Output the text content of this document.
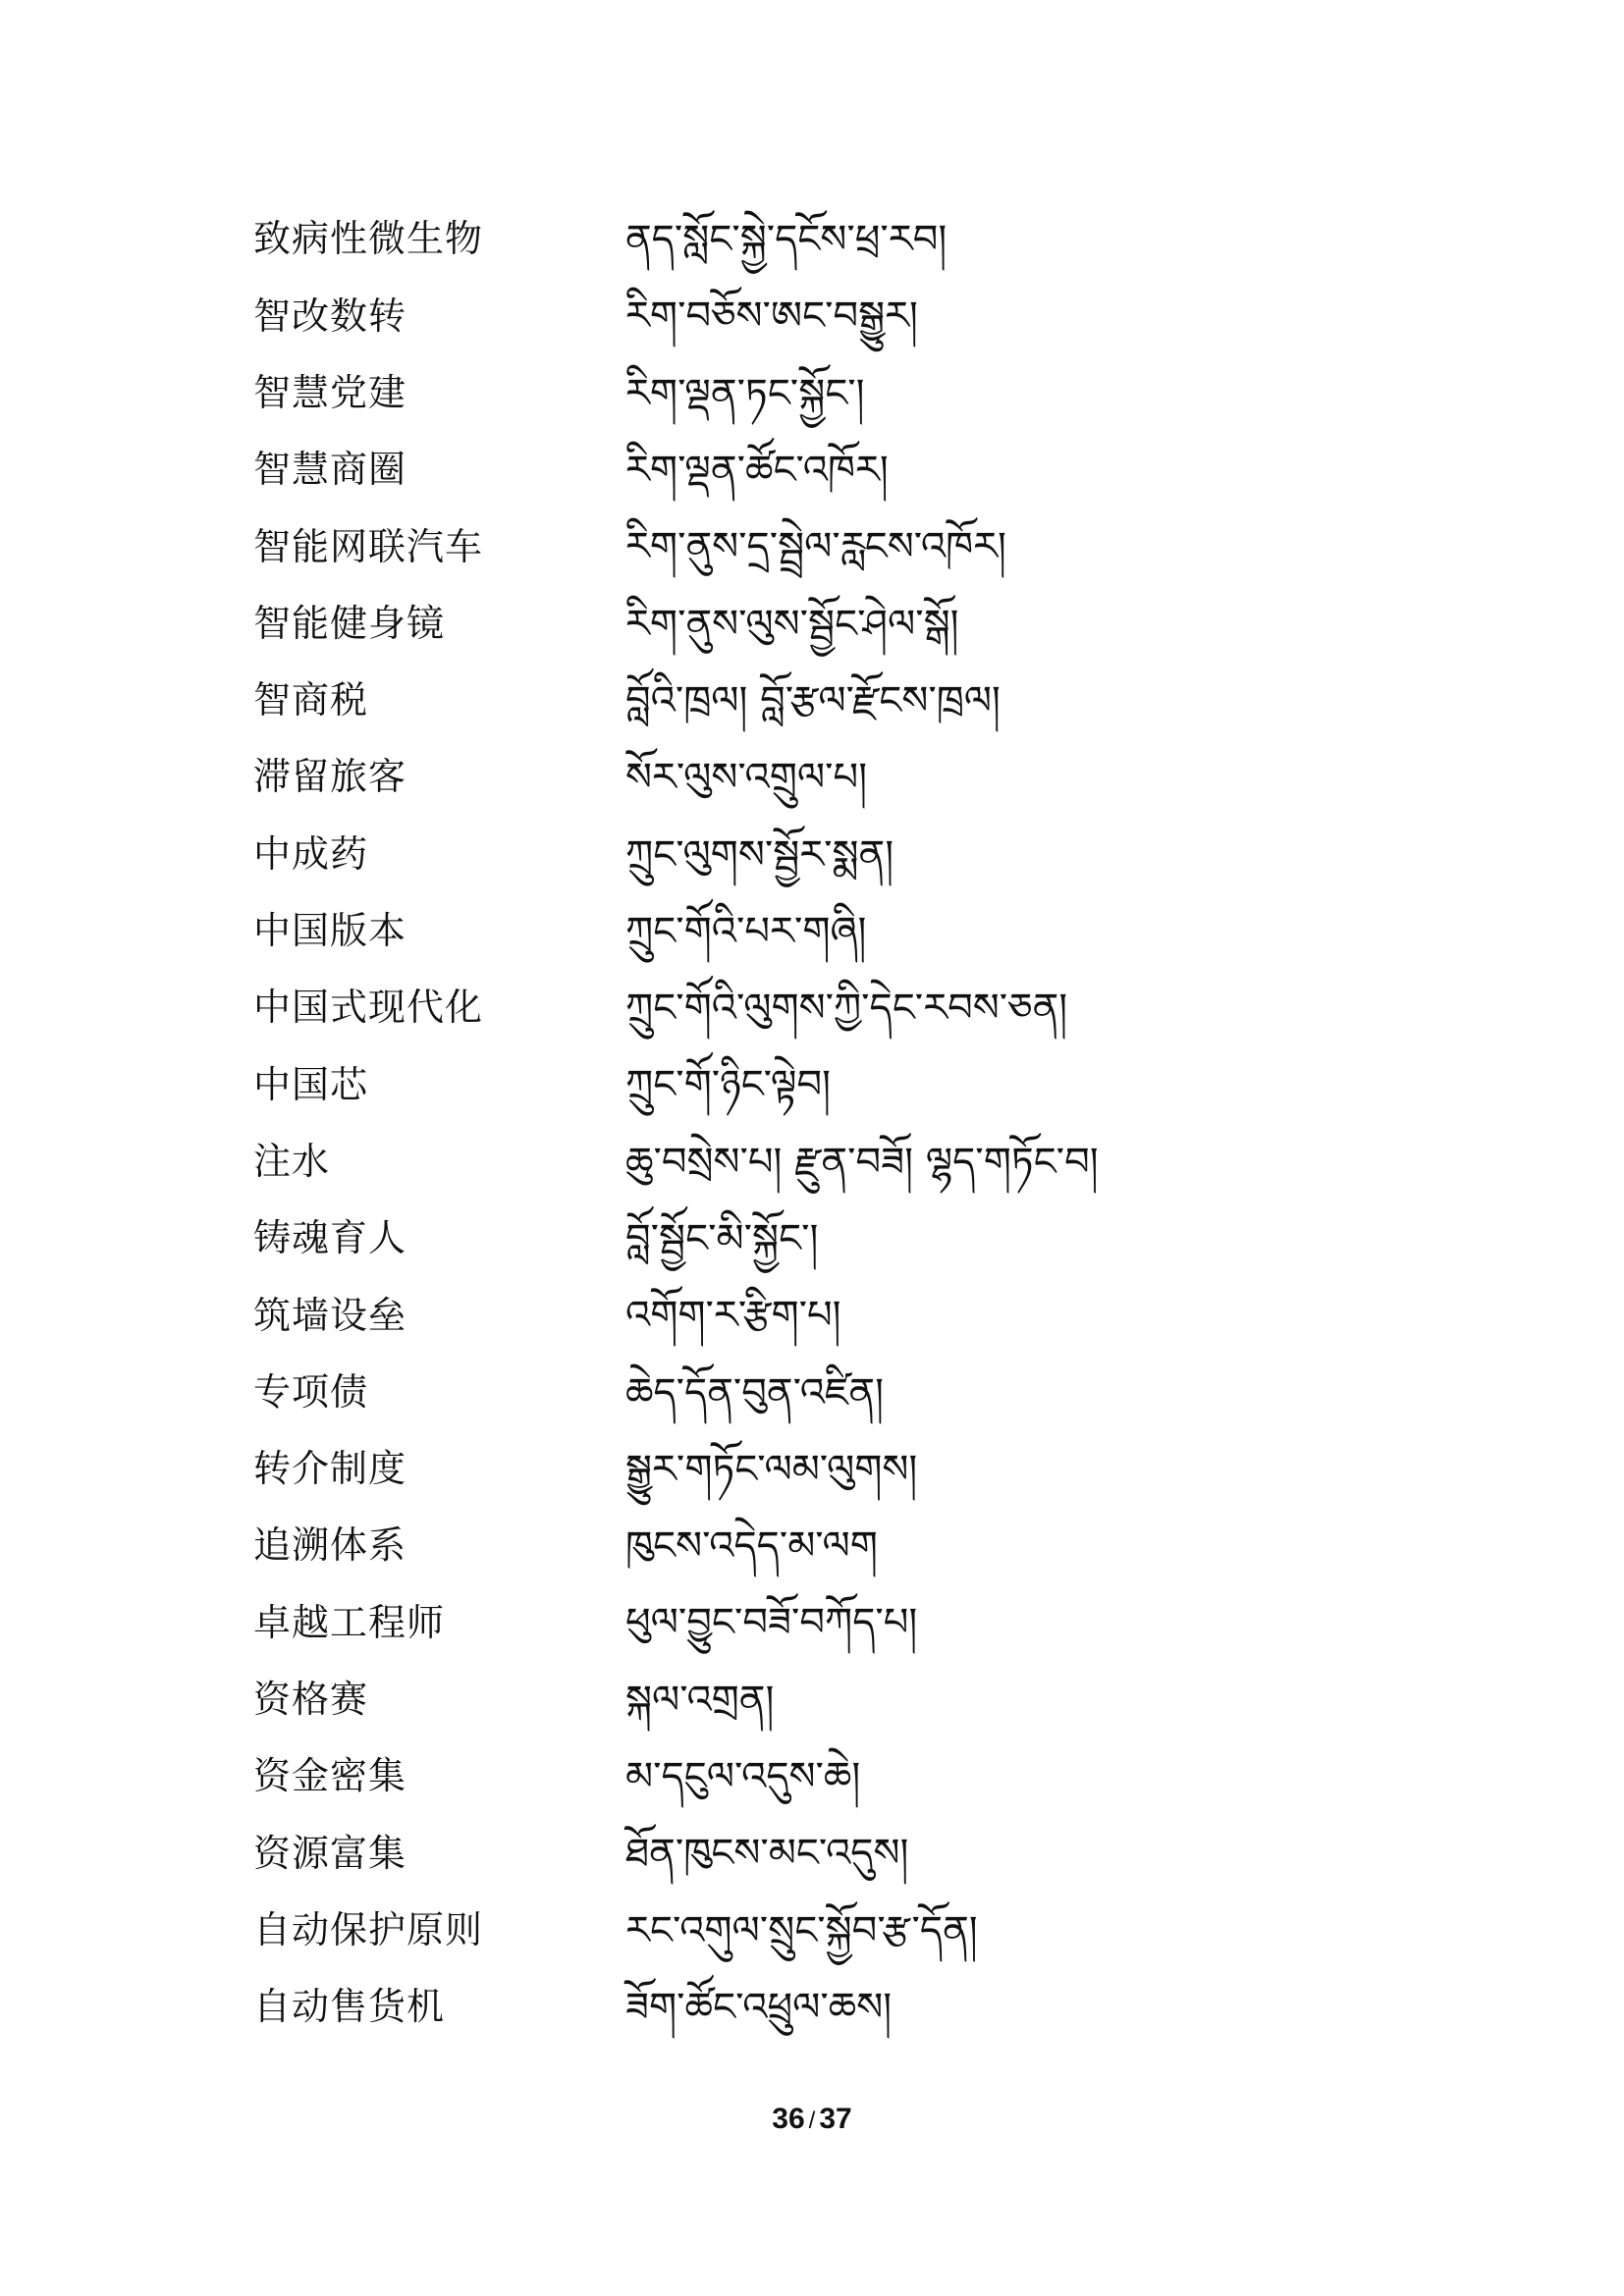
致病性微生物	ནད་སློང་སྐྱེ་དངོས་ཕྲ་རབ།
智改数转	རིག་བཅོས་ཨང་བསྒྱུར།
智慧党建	རིག་ལྡན་ཏང་སྐྱོང་།
智慧商圈	རིག་ལྡན་ཚོང་འཁོར།
智能网联汽车	རིག་ནུས་དྲ་སྦྲེལ་རླངས་འཁོར།
智能健身镜	རིག་ནུས་ལུས་སྦྱོང་ཤེལ་སྒོ།
智商税	བློའི་ཁྲལ། བློ་རྩལ་རྫོངས་ཁྲལ།
滞留旅客	སོར་ལུས་འགྲུལ་པ།
中成药	ཀྲུང་ལུགས་སྦྱོར་སྨན།
中国版本	ཀྲུང་གོའི་པར་གཞི།
中国式现代化	ཀྲུང་གོའི་ལུགས་ཀྱི་དེང་རབས་ཅན།
中国芯	ཀྲུང་གོ་ཉིང་ལྟེབ།
注水	ཆུ་བསྲེས་པ། རྫུན་བཟོ། ལྷད་གཏོང་བ།
铸魂育人	བློ་སྦྱོང་མི་སྐྱོང་།
筑墙设垒	འགོག་ར་རྩིག་པ།
专项债	ཆེད་དོན་བུན་འཛིན།
转介制度	སྒྱུར་གཏོང་ལམ་ལུགས།
追溯体系	ཁུངས་འདེད་མ་ལག
卓越工程师	ཕུལ་བྱུང་བཟོ་བཀོད་པ།
资格赛	སྐལ་འགྲན།
资金密集	མ་དངུལ་འདུས་ཆེ།
资源富集	ཐོན་ཁུངས་མང་འདུས།
自动保护原则	རང་འགུལ་སྲུང་སྐྱོབ་རྩ་དོན།
自动售货机	ཟོག་ཚོང་འཕྲུལ་ཆས།
36 / 37
